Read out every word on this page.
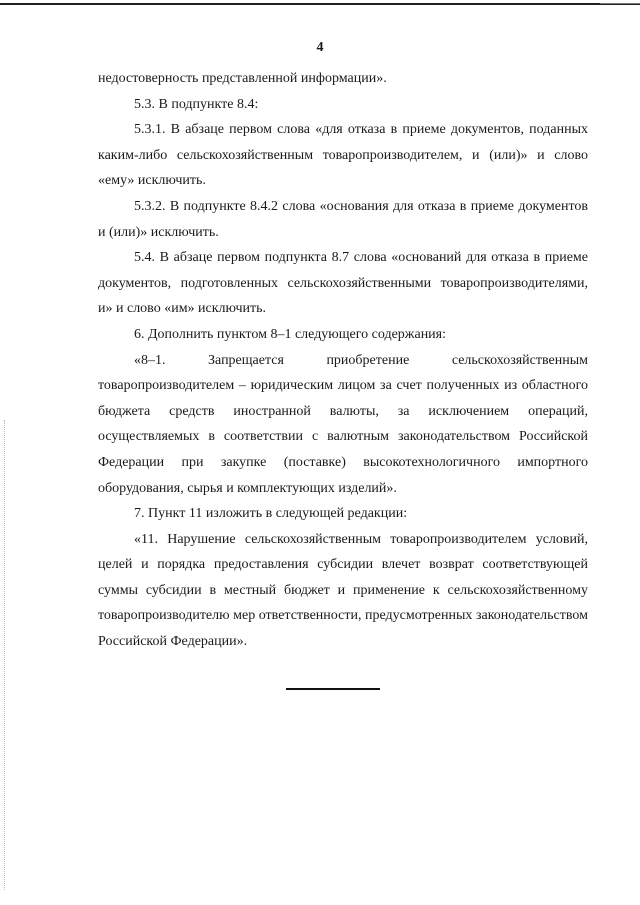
4

недостоверность представленной информации».

5.3. В подпункте 8.4:

5.3.1. В абзаце первом слова «для отказа в приеме документов, поданных каким-либо сельскохозяйственным товаропроизводителем, и (или)» и слово «ему» исключить.

5.3.2. В подпункте 8.4.2 слова «основания для отказа в приеме документов и (или)» исключить.

5.4. В абзаце первом подпункта 8.7 слова «оснований для отказа в приеме документов, подготовленных сельскохозяйственными товаропроизводителями, и» и слово «им» исключить.

6. Дополнить пунктом 8–1 следующего содержания:

«8–1. Запрещается приобретение сельскохозяйственным товаропроизводителем – юридическим лицом за счет полученных из областного бюджета средств иностранной валюты, за исключением операций, осуществляемых в соответствии с валютным законодательством Российской Федерации при закупке (поставке) высокотехнологичного импортного оборудования, сырья и комплектующих изделий».

7. Пункт 11 изложить в следующей редакции:

«11. Нарушение сельскохозяйственным товаропроизводителем условий, целей и порядка предоставления субсидии влечет возврат соответствующей суммы субсидии в местный бюджет и применение к сельскохозяйственному товаропроизводителю мер ответственности, предусмотренных законодательством Российской Федерации».
